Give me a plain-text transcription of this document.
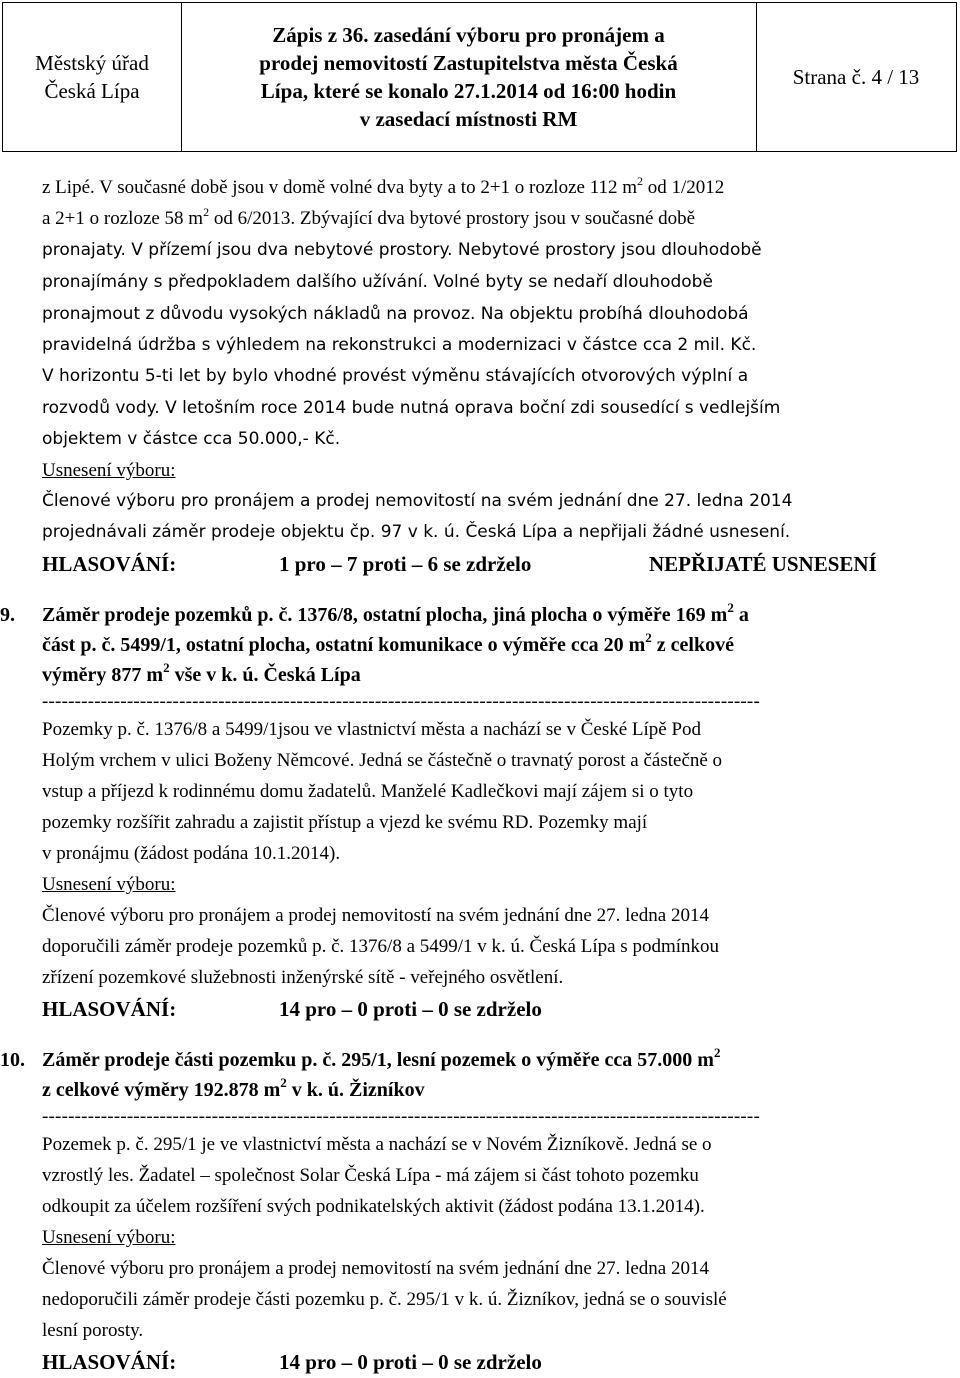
Městský úřad
Česká Lípa
Zápis z 36. zasedání výboru pro pronájem a
prodej nemovitostí Zastupitelstva města Česká
Lípa, které se konalo 27.1.2014 od 16:00 hodin
v zasedací místnosti RM
Strana č. 4 / 13

z Lipé. V současné době jsou v domě volné dva byty a to 2+1 o rozloze 112 $m^2$ od 1/2012

a 2+1 o rozloze 58 $m^2$ od 6/2013. Zbývající dva bytové prostory jsou v současné době

pronajaty. V přízemí jsou dva nebytové prostory. Nebytové prostory jsou dlouhodobě

pronajímány s předpokladem dalšího užívání. Volné byty se nedaří dlouhodobě

pronajmout z důvodu vysokých nákladů na provoz. Na objektu probíhá dlouhodobá

pravidelná údržba s výhledem na rekonstrukci a modernizaci v částce cca 2 mil. Kč.

V horizontu 5-ti let by bylo vhodné provést výměnu stávajících otvorových výplní a

rozvodů vody. V letošním roce 2014 bude nutná oprava boční zdi sousedící s vedlejším

objektem v částce cca 50.000,- Kč.

Usnesení výboru:

Členové výboru pro pronájem a prodej nemovitostí na svém jednání dne 27. ledna 2014

projednávali záměr prodeje objektu čp. 97 v k. ú. Česká Lípa a nepřijali žádné usnesení.

HLASOVÁNÍ:	1 pro – 7 proti – 6 se zdrželo	NEPŘIJATÉ USNESENÍ
9.	Záměr prodeje pozemků p. č. 1376/8, ostatní plocha, jiná plocha o výměře 169 $m^2$ a
část p. č. 5499/1, ostatní plocha, ostatní komunikace o výměře cca 20 $m^2$ z celkové
výměry 877 $m^2$ vše v k. ú. Česká Lípa
--------------------------------------------------------------------------------------------------------------

Pozemky p. č. 1376/8 a 5499/1jsou ve vlastnictví města a nachází se v České Lípě Pod

Holým vrchem v ulici Boženy Němcové. Jedná se částečně o travnatý porost a částečně o

vstup a příjezd k rodinnému domu žadatelů. Manželé Kadlečkovi mají zájem si o tyto

pozemky rozšířit zahradu a zajistit přístup a vjezd ke svému RD. Pozemky mají

v pronájmu (žádost podána 10.1.2014).

Usnesení výboru:

Členové výboru pro pronájem a prodej nemovitostí na svém jednání dne 27. ledna 2014

doporučili záměr prodeje pozemků p. č. 1376/8 a 5499/1 v k. ú. Česká Lípa s podmínkou

zřízení pozemkové služebnosti inženýrské sítě - veřejného osvětlení.

HLASOVÁNÍ:	14 pro – 0 proti – 0 se zdrželo
10. Záměr prodeje části pozemku p. č. 295/1, lesní pozemek o výměře cca 57.000 $m^2$
z celkové výměry 192.878 $m^2$ v k. ú. Žizníkov
--------------------------------------------------------------------------------------------------------------

Pozemek p. č. 295/1 je ve vlastnictví města a nachází se v Novém Žizníkově. Jedná se o

vzrostlý les. Žadatel – společnost Solar Česká Lípa - má zájem si část tohoto pozemku

odkoupit za účelem rozšíření svých podnikatelských aktivit (žádost podána 13.1.2014).

Usnesení výboru:

Členové výboru pro pronájem a prodej nemovitostí na svém jednání dne 27. ledna 2014

nedoporučili záměr prodeje části pozemku p. č. 295/1 v k. ú. Žizníkov, jedná se o souvislé

lesní porosty.

HLASOVÁNÍ:	14 pro – 0 proti – 0 se zdrželo
